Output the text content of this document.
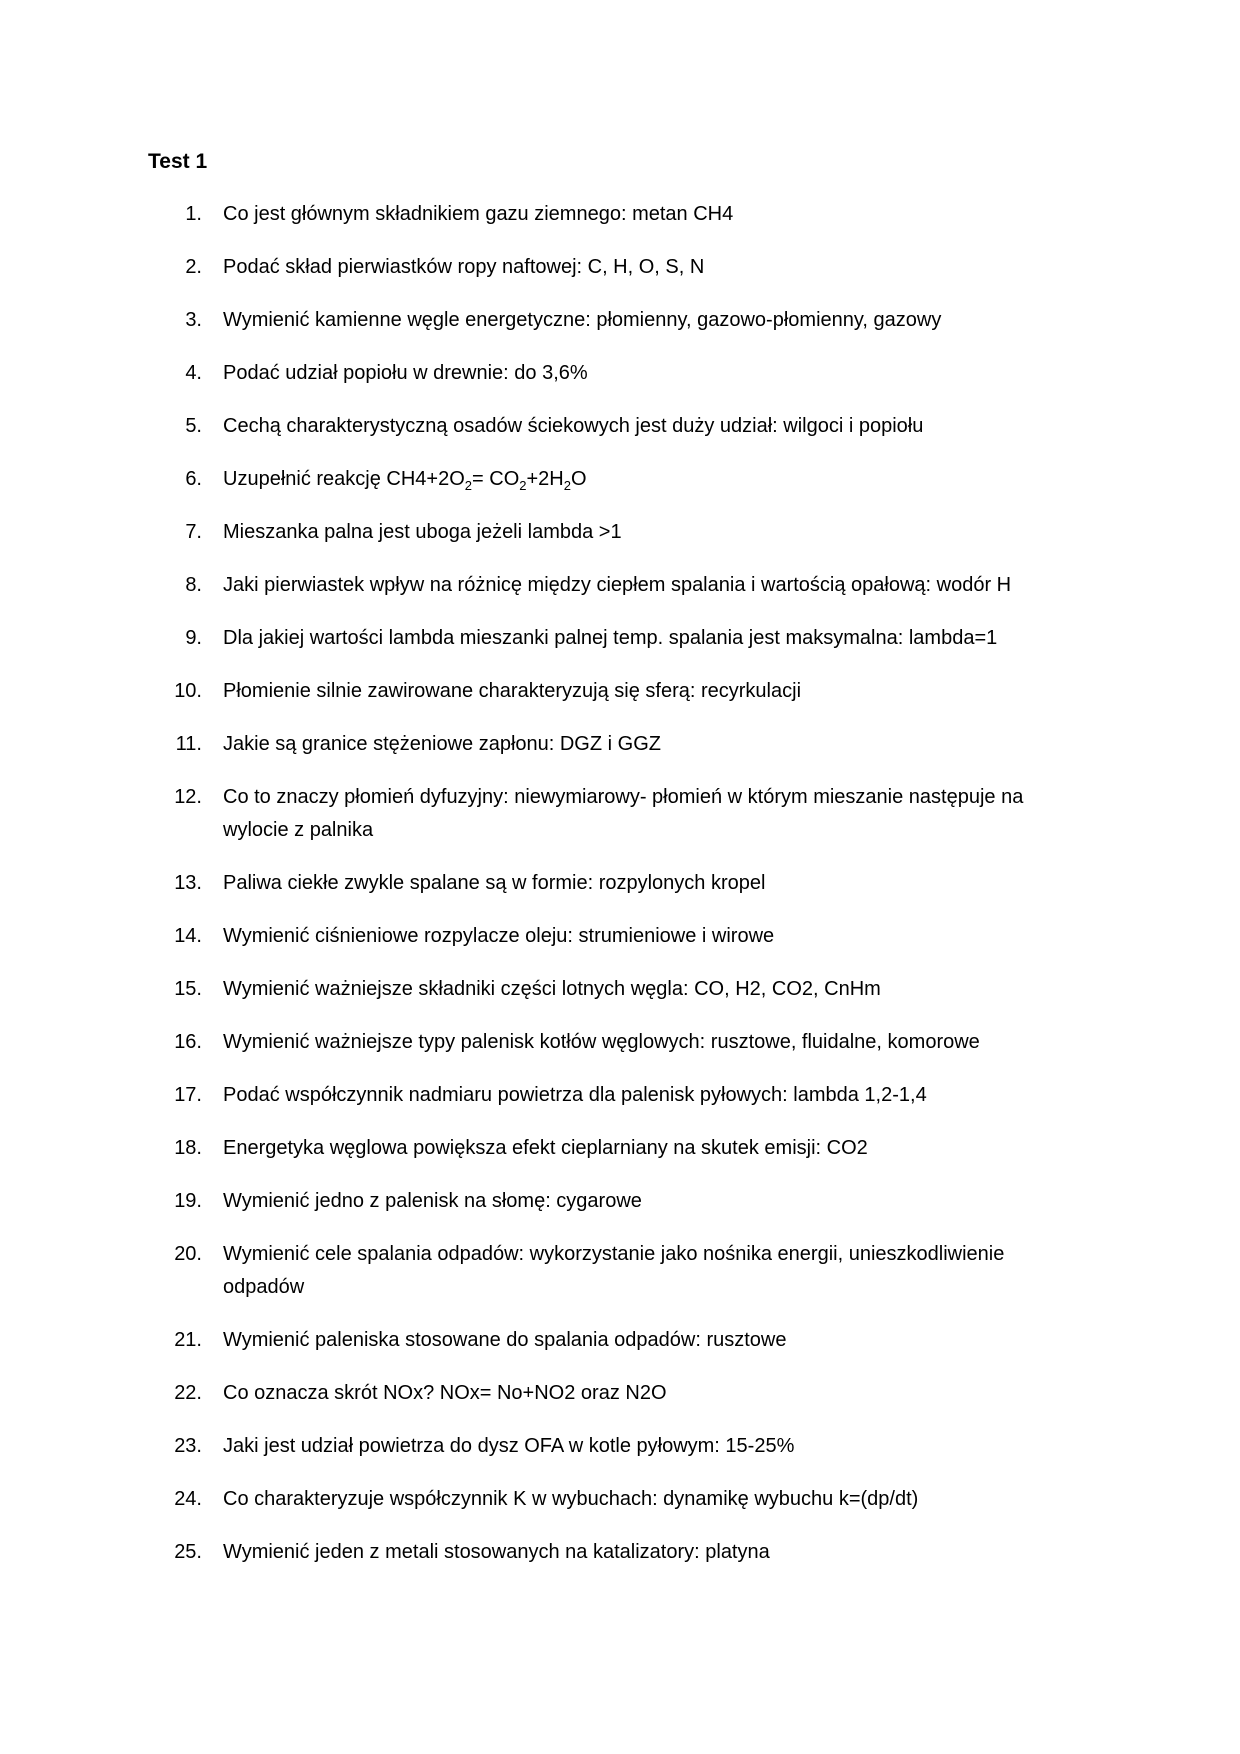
Test 1
1. Co jest głównym składnikiem gazu ziemnego: metan CH4
2. Podać skład pierwiastków ropy naftowej: C, H, O, S, N
3. Wymienić kamienne węgle energetyczne: płomienny, gazowo-płomienny, gazowy
4. Podać udział popiołu w drewnie: do 3,6%
5. Cechą charakterystyczną osadów ściekowych jest duży udział: wilgoci i popiołu
6. Uzupełnić reakcję $CH4+2O_2= CO_2+2H_2O$
7. Mieszanka palna jest uboga jeżeli lambda >1
8. Jaki pierwiastek wpływ na różnicę między ciepłem spalania i wartością opałową: wodór H
9. Dla jakiej wartości lambda mieszanki palnej temp. spalania jest maksymalna: lambda=1
10. Płomienie silnie zawirowane charakteryzują się sferą: recyrkulacji
11. Jakie są granice stężeniowe zapłonu: DGZ i GGZ
12. Co to znaczy płomień dyfuzyjny: niewymiarowy- płomień w którym mieszanie następuje na wylocie z palnika
13. Paliwa ciekłe zwykle spalane są w formie: rozpylonych kropel
14. Wymienić ciśnieniowe rozpylacze oleju: strumieniowe i wirowe
15. Wymienić ważniejsze składniki części lotnych węgla: CO, H2, CO2, CnHm
16. Wymienić ważniejsze typy palenisk kotłów węglowych: rusztowe, fluidalne, komorowe
17. Podać współczynnik nadmiaru powietrza dla palenisk pyłowych: lambda 1,2-1,4
18. Energetyka węglowa powiększa efekt cieplarniany na skutek emisji: CO2
19. Wymienić jedno z palenisk na słomę: cygarowe
20. Wymienić cele spalania odpadów: wykorzystanie jako nośnika energii, unieszkodliwienie odpadów
21. Wymienić paleniska stosowane do spalania odpadów: rusztowe
22. Co oznacza skrót NOx? NOx= No+NO2 oraz N2O
23. Jaki jest udział powietrza do dysz OFA w kotle pyłowym: 15-25%
24. Co charakteryzuje współczynnik K w wybuchach: dynamikę wybuchu k=(dp/dt)
25. Wymienić jeden z metali stosowanych na katalizatory: platyna
